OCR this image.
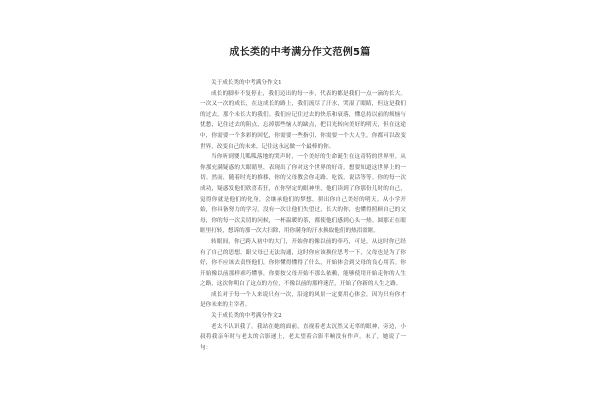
成长类的中考满分作文范例5篇

关于成长类的中考满分作文1

成长的脚步不复停止，我们迈出的每一步，代表的都是我们一点一滴的长大。一次又一次的成长，在这成长的路上，我们流尽了汗水，哭湿了眼睛，但这是我们的过去，那个未长大的我们。我们应记住过去的快乐和衰落，懂总持以前的烦恼与忧愁，记住过去的阻点，忘掉那些恼人的缺点，把目光转向美好的明天，但在这途中，你需要一个多彩的回忆，你需要一些指引，你需要一个大人生。你都可以改变世界，改变自己的未来，记住这永远做一个最棒的你。

当你听到婴儿呱呱落地的哭声时，一个美好的生命诞生在这奇特的世界里。从你那充满疑惑的大眼睛里，表现出了你对这个世界的好奇，想要知道这世界上的一切。然而，随着时光的推移，你的父母教会你走路、吃饭、说话等等。你的每一次成功，疑惑发他们欣喜若狂，在你坚定的眼神里，他们读到了你那份儿时的自己，觉得你就是他们的化身，会继承他们的梦想，拼出你自己美好的明天。从小学开始，你具备努力的学习，没有一次让他们失望过，长大的你，也懂得照顾自己的父母，你的每一次关切的问候，一杯温暖的茶，都使他们感到心头一热。圆那正在眼眶里打转，想诉的那一次大扫除，用你满身的汗水换取他们的热泪盈眶。

转眼间，你已跨入初中的大门，开始你的像以前的牵巧，可是，从这时你已经有了自己的思想，跟父母已无法沟通，这时你应该换位思考一下，父母也是为了你好，你不应该去责怪他们，你你懂得懂得了什么，开始体会到父母的良心用苦。你开始像以前那样乖巧懂事，你要按父母开始不那么依赖，能够使用开始走你的人生之路，这次你明白了这点的方位，不像以前的那样迷茫，开始了你新的人生之路。

成长对于每一个人来说只有一次，沿途的风景一定要用心体会，因为只有你才是你未来的主宰者。

关于成长类的中考满分作文2

老太不认识我了。我站在她的面前，直视着老太沉然又无辜的眼神，旁边，小叔将我亲年时与老太的合影递上，老太望着合影半晌没有作声。末了，她说了一句：
